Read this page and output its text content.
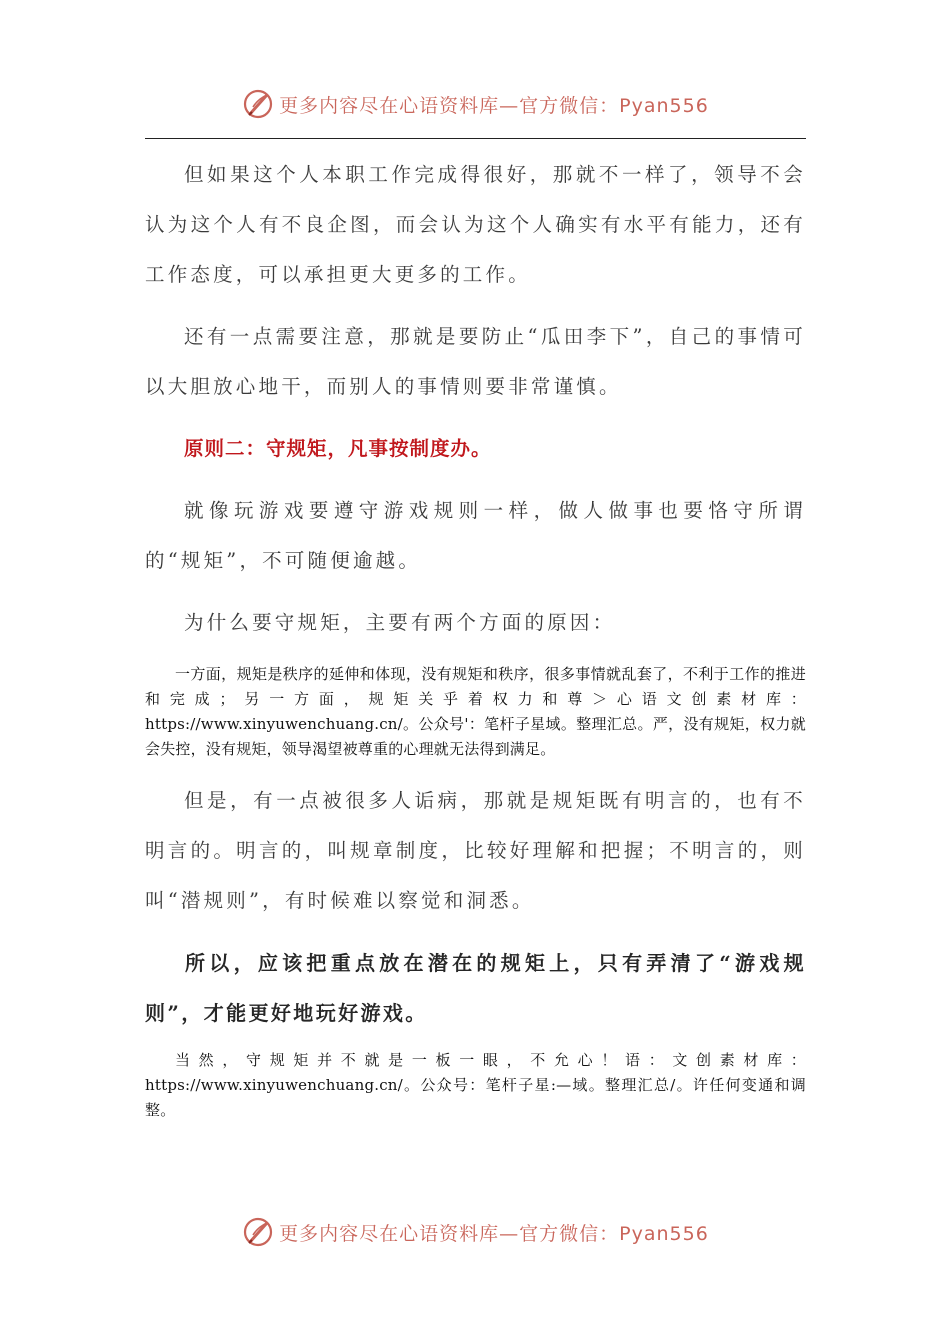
更多内容尽在心语资料库—官方微信：Pyan556

但如果这个人本职工作完成得很好，那就不一样了，领导不会认为这个人有不良企图，而会认为这个人确实有水平有能力，还有工作态度，可以承担更大更多的工作。

还有一点需要注意，那就是要防止“瓜田李下”，自己的事情可以大胆放心地干，而别人的事情则要非常谨慎。

原则二：守规矩，凡事按制度办。

就像玩游戏要遵守游戏规则一样，做人做事也要恪守所谓的“规矩”，不可随便逾越。

为什么要守规矩，主要有两个方面的原因：

一方面，规矩是秩序的延伸和体现，没有规矩和秩序，很多事情就乱套了，不利于工作的推进和完成；另一方面，规矩关乎着权力和尊＞心语文创素材库：https://www.xinyuwenchuang.cn/。公众号'：笔杆子星域。整理汇总。严，没有规矩，权力就会失控，没有规矩，领导渴望被尊重的心理就无法得到满足。

但是，有一点被很多人诟病，那就是规矩既有明言的，也有不明言的。明言的，叫规章制度，比较好理解和把握；不明言的，则叫“潜规则”，有时候难以察觉和洞悉。

所以，应该把重点放在潜在的规矩上，只有弄清了“游戏规则”，才能更好地玩好游戏。

当然，守规矩并不就是一板一眼，不允心！语：文创素材库：https://www.xinyuwenchuang.cn/。公众号：笔杆子星:—域。整理汇总/。许任何变通和调整。

更多内容尽在心语资料库—官方微信：Pyan556
